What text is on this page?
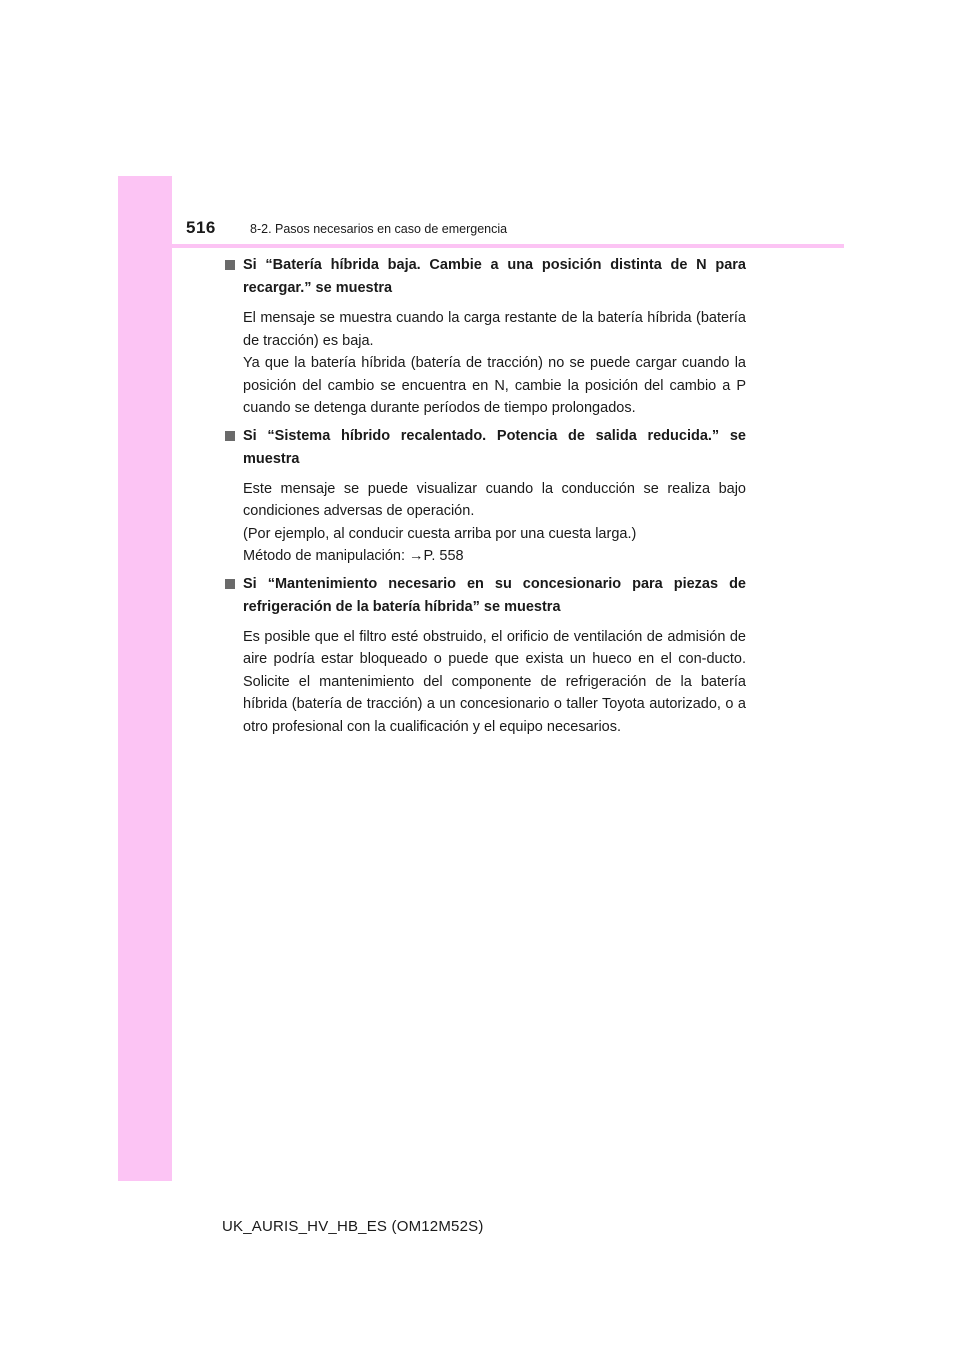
516	8-2. Pasos necesarios en caso de emergencia
Si “Batería híbrida baja. Cambie a una posición distinta de N para recargar.” se muestra

El mensaje se muestra cuando la carga restante de la batería híbrida (batería de tracción) es baja.

Ya que la batería híbrida (batería de tracción) no se puede cargar cuando la posición del cambio se encuentra en N, cambie la posición del cambio a P cuando se detenga durante períodos de tiempo prolongados.

Si “Sistema híbrido recalentado. Potencia de salida reducida.” se muestra

Este mensaje se puede visualizar cuando la conducción se realiza bajo condiciones adversas de operación.

(Por ejemplo, al conducir cuesta arriba por una cuesta larga.)

Método de manipulación: →P. 558

Si “Mantenimiento necesario en su concesionario para piezas de refrigeración de la batería híbrida” se muestra

Es posible que el filtro esté obstruido, el orificio de ventilación de admisión de aire podría estar bloqueado o puede que exista un hueco en el con-ducto. Solicite el mantenimiento del componente de refrigeración de la batería híbrida (batería de tracción) a un concesionario o taller Toyota autorizado, o a otro profesional con la cualificación y el equipo necesarios.

UK_AURIS_HV_HB_ES (OM12M52S)
